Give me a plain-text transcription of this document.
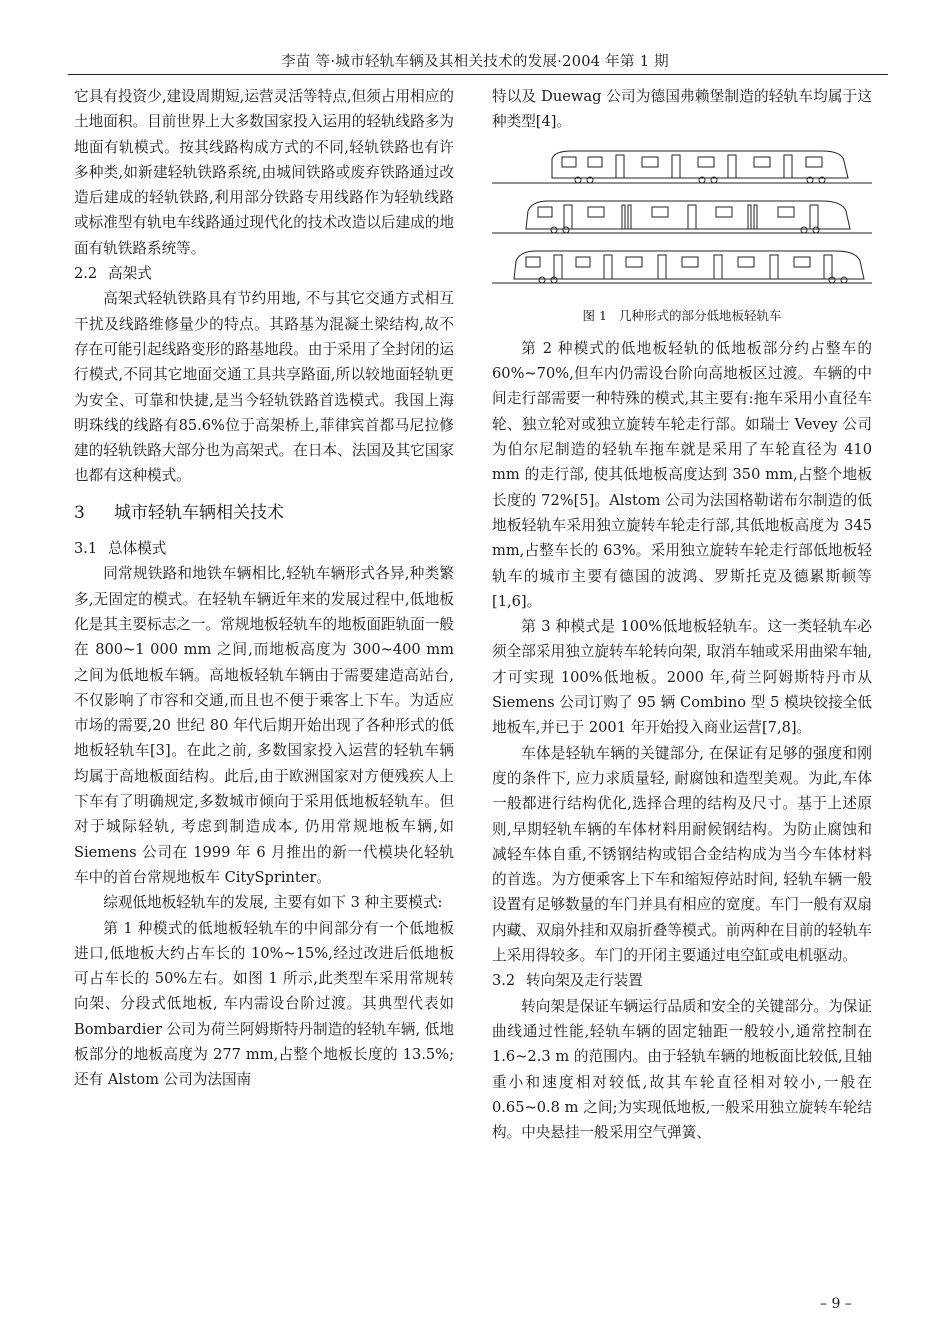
李苗 等·城市轻轨车辆及其相关技术的发展·2004 年第 1 期

它具有投资少,建设周期短,运营灵活等特点,但须占用相应的土地面积。目前世界上大多数国家投入运用的轻轨线路多为地面有轨模式。按其线路构成方式的不同,轻轨铁路也有许多种类,如新建轻轨铁路系统,由城间铁路或废弃铁路通过改造后建成的轻轨铁路,利用部分铁路专用线路作为轻轨线路或标准型有轨电车线路通过现代化的技术改造以后建成的地面有轨铁路系统等。

2.2 高架式

高架式轻轨铁路具有节约用地, 不与其它交通方式相互干扰及线路维修量少的特点。其路基为混凝土梁结构,故不存在可能引起线路变形的路基地段。由于采用了全封闭的运行模式,不同其它地面交通工具共享路面,所以较地面轻轨更为安全、可靠和快捷,是当今轻轨铁路首选模式。我国上海明珠线的线路有85.6%位于高架桥上,菲律宾首都马尼拉修建的轻轨铁路大部分也为高架式。在日本、法国及其它国家也都有这种模式。

3 城市轻轨车辆相关技术
3.1 总体模式

同常规铁路和地铁车辆相比,轻轨车辆形式各异,种类繁多,无固定的模式。在轻轨车辆近年来的发展过程中,低地板化是其主要标志之一。常规地板轻轨车的地板面距轨面一般在 800~1 000 mm 之间,而地板高度为 300~400 mm 之间为低地板车辆。高地板轻轨车辆由于需要建造高站台,不仅影响了市容和交通,而且也不便于乘客上下车。为适应市场的需要,20 世纪 80 年代后期开始出现了各种形式的低地板轻轨车[3]。在此之前, 多数国家投入运营的轻轨车辆均属于高地板面结构。此后,由于欧洲国家对方便残疾人上下车有了明确规定,多数城市倾向于采用低地板轻轨车。但对于城际轻轨, 考虑到制造成本, 仍用常规地板车辆,如 Siemens 公司在 1999 年 6 月推出的新一代模块化轻轨车中的首台常规地板车 CitySprinter。

综观低地板轻轨车的发展, 主要有如下 3 种主要模式:

第 1 种模式的低地板轻轨车的中间部分有一个低地板进口,低地板大约占车长的 10%~15%,经过改进后低地板可占车长的 50%左右。如图 1 所示,此类型车采用常规转向架、分段式低地板, 车内需设台阶过渡。其典型代表如 Bombardier 公司为荷兰阿姆斯特丹制造的轻轨车辆, 低地板部分的地板高度为 277 mm,占整个地板长度的 13.5%;还有 Alstom 公司为法国南

特以及 Duewag 公司为德国弗赖堡制造的轻轨车均属于这种类型[4]。

图 1 几种形式的部分低地板轻轨车

第 2 种模式的低地板轻轨的低地板部分约占整车的 60%~70%,但车内仍需设台阶向高地板区过渡。车辆的中间走行部需要一种特殊的模式,其主要有:拖车采用小直径车轮、独立轮对或独立旋转车轮走行部。如瑞士 Vevey 公司为伯尔尼制造的轻轨车拖车就是采用了车轮直径为 410 mm 的走行部, 使其低地板高度达到 350 mm,占整个地板长度的 72%[5]。Alstom 公司为法国格勒诺布尔制造的低地板轻轨车采用独立旋转车轮走行部,其低地板高度为 345 mm,占整车长的 63%。采用独立旋转车轮走行部低地板轻轨车的城市主要有德国的波鸿、罗斯托克及德累斯顿等[1,6]。

第 3 种模式是 100%低地板轻轨车。这一类轻轨车必须全部采用独立旋转车轮转向架, 取消车轴或采用曲梁车轴,才可实现 100%低地板。2000 年,荷兰阿姆斯特丹市从 Siemens 公司订购了 95 辆 Combino 型 5 模块铰接全低地板车,并已于 2001 年开始投入商业运营[7,8]。

车体是轻轨车辆的关键部分, 在保证有足够的强度和刚度的条件下, 应力求质量轻, 耐腐蚀和造型美观。为此,车体一般都进行结构优化,选择合理的结构及尺寸。基于上述原则,早期轻轨车辆的车体材料用耐候钢结构。为防止腐蚀和减轻车体自重,不锈钢结构或铝合金结构成为当今车体材料的首选。为方便乘客上下车和缩短停站时间, 轻轨车辆一般设置有足够数量的车门并具有相应的宽度。车门一般有双扇内藏、双扇外挂和双扇折叠等模式。前两种在目前的轻轨车上采用得较多。车门的开闭主要通过电空缸或电机驱动。

3.2 转向架及走行装置

转向架是保证车辆运行品质和安全的关键部分。为保证曲线通过性能,轻轨车辆的固定轴距一般较小,通常控制在 1.6~2.3 m 的范围内。由于轻轨车辆的地板面比较低,且轴重小和速度相对较低,故其车轮直径相对较小,一般在 0.65~0.8 m 之间;为实现低地板,一般采用独立旋转车轮结构。中央悬挂一般采用空气弹簧、

– 9 –
